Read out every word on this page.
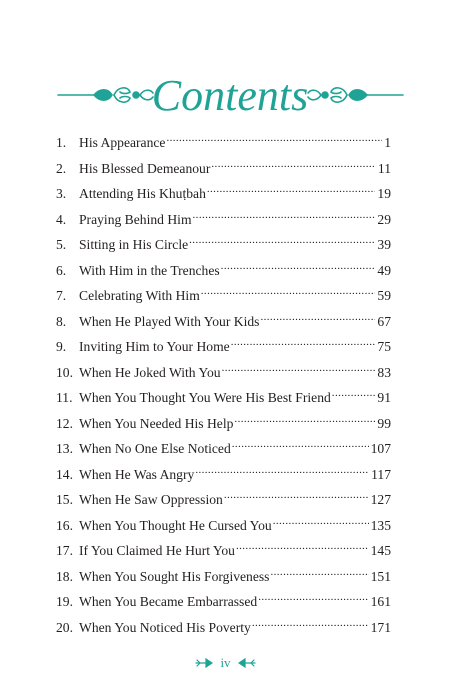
Contents
1. His Appearance .....	1
2. His Blessed Demeanour .....	11
3. Attending His Khuṭbah .....	19
4. Praying Behind Him .....	29
5. Sitting in His Circle .....	39
6. With Him in the Trenches .....	49
7. Celebrating With Him .....	59
8. When He Played With Your Kids .....	67
9. Inviting Him to Your Home .....	75
10. When He Joked With You .....	83
11. When You Thought You Were His Best Friend .....	91
12. When You Needed His Help .....	99
13. When No One Else Noticed .....	107
14. When He Was Angry .....	117
15. When He Saw Oppression .....	127
16. When You Thought He Cursed You .....	135
17. If You Claimed He Hurt You .....	145
18. When You Sought His Forgiveness .....	151
19. When You Became Embarrassed .....	161
20. When You Noticed His Poverty .....	171
iv
